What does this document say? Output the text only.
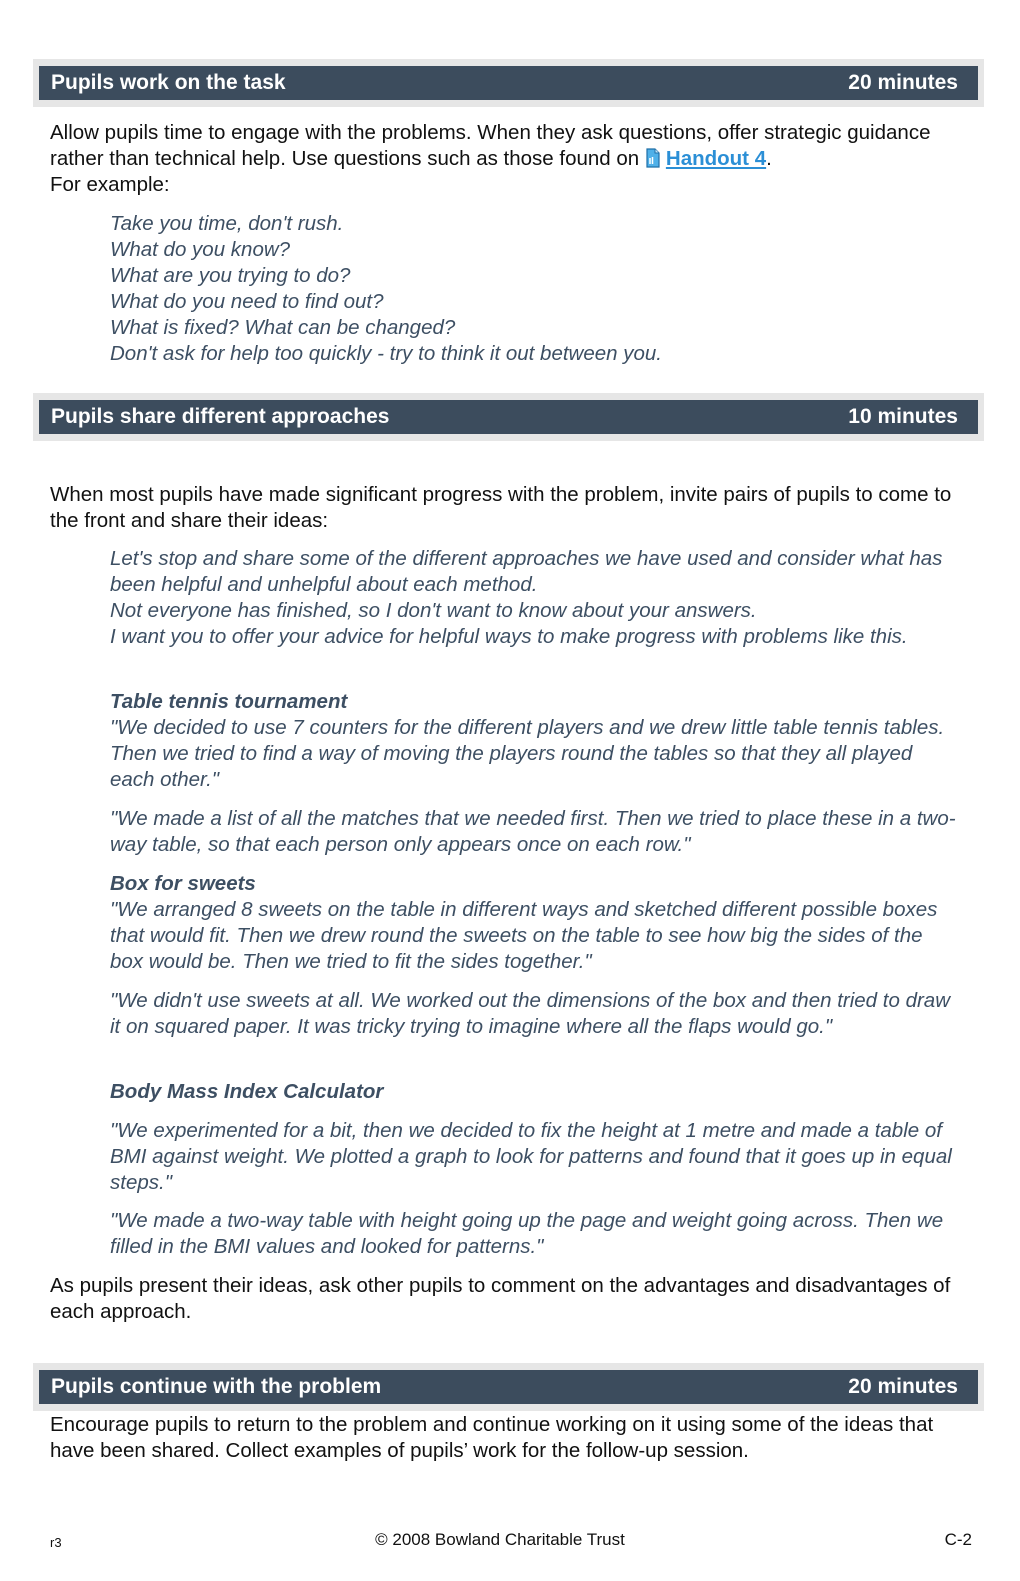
Pupils work on the task	20 minutes
Allow pupils time to engage with the problems. When they ask questions, offer strategic guidance rather than technical help. Use questions such as those found on Handout 4.
For example:

Take you time, don't rush.

What do you know?

What are you trying to do?

What do you need to find out?

What is fixed? What can be changed?

Don't ask for help too quickly - try to think it out between you.

Pupils share different approaches	10 minutes
When most pupils have made significant progress with the problem, invite pairs of pupils to come to the front and share their ideas:

Let's stop and share some of the different approaches we have used and consider what has been helpful and unhelpful about each method.

Not everyone has finished, so I don't want to know about your answers.

I want you to offer your advice for helpful ways to make progress with problems like this.

Table tennis tournament

"We decided to use 7 counters for the different players and we drew little table tennis tables. Then we tried to find a way of moving the players round the tables so that they all played each other."

"We made a list of all the matches that we needed first. Then we tried to place these in a two-way table, so that each person only appears once on each row."

Box for sweets

"We arranged 8 sweets on the table in different ways and sketched different possible boxes that would fit. Then we drew round the sweets on the table to see how big the sides of the box would be. Then we tried to fit the sides together."

"We didn't use sweets at all. We worked out the dimensions of the box and then tried to draw it on squared paper. It was tricky trying to imagine where all the flaps would go."

Body Mass Index Calculator

"We experimented for a bit, then we decided to fix the height at 1 metre and made a table of BMI against weight. We plotted a graph to look for patterns and found that it goes up in equal steps."

"We made a two-way table with height going up the page and weight going across. Then we filled in the BMI values and looked for patterns."

As pupils present their ideas, ask other pupils to comment on the advantages and disadvantages of each approach.
Pupils continue with the problem	20 minutes
Encourage pupils to return to the problem and continue working on it using some of the ideas that have been shared. Collect examples of pupils’ work for the follow-up session.
r3	© 2008 Bowland Charitable Trust	C-2
